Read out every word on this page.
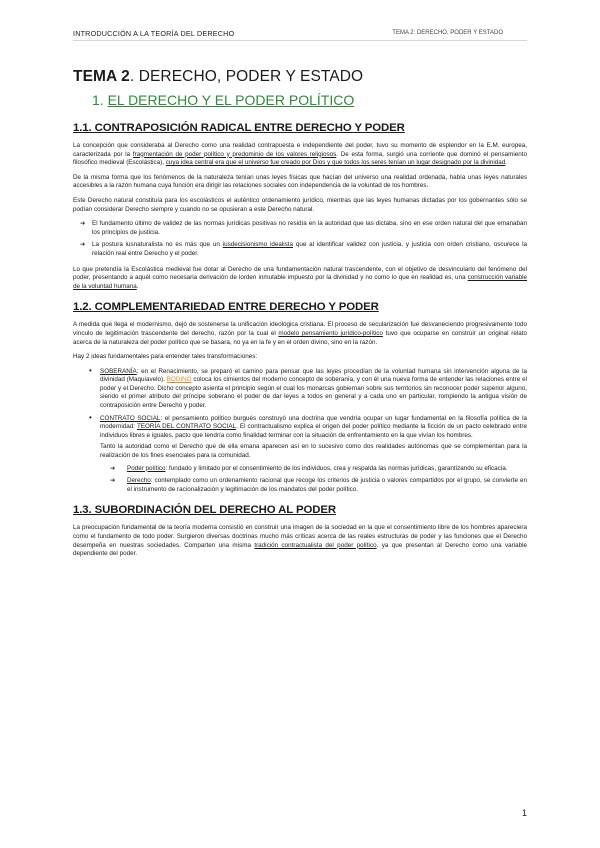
INTRODUCCIÓN A LA TEORÍA DEL DERECHO	TEMA 2: DERECHO, PODER Y ESTADO
TEMA 2. DERECHO, PODER Y ESTADO
1. EL DERECHO Y EL PODER POLÍTICO
1.1. CONTRAPOSICIÓN RADICAL ENTRE DERECHO Y PODER

La concepción que consideraba al Derecho como una realidad contrapuesta e independiente del poder, tuvo su momento de esplendor en la E.M. europea, caracterizada por la fragmentación de poder político y predominio de los valores religiosos. De esta forma, surgió una corriente que dominó el pensamiento filosófico medieval (Escolástica), cuya idea central era que el universo fue creado por Dios y que todos los seres tenían un lugar designado por la divinidad.

De la misma forma que los fenómenos de la naturaleza tenían unas leyes físicas que hacían del universo una realidad ordenada, había unas leyes naturales accesibles a la razón humana cuya función era dirigir las relaciones sociales con independencia de la voluntad de los hombres.

Este Derecho natural constituía para los escolásticos el auténtico ordenamiento jurídico, mientras que las leyes humanas dictadas por los gobernantes sólo se podían considerar Derecho siempre y cuando no se opusieran a este Derecho natural.

➔ El fundamento último de validez de las normas jurídicas positivas no residía en la autoridad que las dictaba, sino en ese orden natural del que emanaban los principios de justicia.
➔ La postura iusnaturalista no es más que un iusdecisionismo idealista que al identificar validez con justicia, y justicia con orden cristiano, oscurece la relación real entre Derecho y el poder.

Lo que pretendía la Escolástica medieval fue dotar al Derecho de una fundamentación natural trascendente, con el objetivo de desvincularlo del fenómeno del poder, presentando a aquél como necesaria derivación de lorden inmutable impuesto por la divinidad y no como lo que en realidad es, una construcción variable de la voluntad humana.

1.2. COMPLEMENTARIEDAD ENTRE DERECHO Y PODER

A medida que llega el modernismo, dejó de sostenerse la unificación ideológica cristiana. El proceso de secularización fue desvaneciendo progresivamente todo vínculo de legitimación trascendente del derecho, razón por la cual el modelo pensamiento jurídico-político tuvo que ocuparse en construir un original relato acerca de la naturaleza del poder político que se basara, no ya en la fe y en el orden divino, sino en la razón.

Hay 2 ideas fundamentales para entender tales transformaciones:

• SOBERANÍA: en el Renacimiento, se preparó el camino para pensar que las leyes procedían de la voluntad humana sin intervención alguna de la divinidad (Maquiavelo). BODINO coloca los cimientos del moderno concepto de soberanía, y con él una nueva forma de entender las relaciones entre el poder y el Derecho. Dicho concepto asienta el principio según el cual los monarcas gobiernan sobre sus territorios sin reconocer poder superior alguno, siendo el primer atributo del príncipe soberano el poder de dar leyes a todos en general y a cada uno en particular, rompiendo la antigua visión de contraposición entre Derecho y poder.
• CONTRATO SOCIAL: el pensamiento político burgués construyó una doctrina que vendría ocupar un lugar fundamental en la filosofía política de la modernidad: TEORÍA DEL CONTRATO SOCIAL. El contractualismo explica el origen del poder político mediante la ficción de un pacto celebrado entre individuos libres e iguales, pacto que tendría como finalidad terminar con la situación de enfrentamiento en la que vivían los hombres.

Tanto la autoridad como el Derecho que de ella emana aparecen así en lo sucesivo como dos realidades autónomas que se complementan para la realización de los fines esenciales para la comunidad.

➔ Poder político: fundado y limitado por el consentimiento de los individuos, crea y respalda las normas jurídicas, garantizando su eficacia.
➔ Derecho: contemplado como un ordenamiento racional que recoge los criterios de justicia o valores compartidos por el grupo, se convierte en el instrumento de racionalización y legitimación de los mandatos del poder político.
1.3. SUBORDINACIÓN DEL DERECHO AL PODER

La preocupación fundamental de la teoría moderna consistió en construir una imagen de la sociedad en la que el consentimiento libre de los hombres apareciera como el fundamento de todo poder. Surgieron diversas doctrinas mucho más críticas acerca de las reales estructuras de poder y las funciones que el Derecho desempeña en nuestras sociedades. Comparten una misma tradición contractualista del poder político, ya que presentan al Derecho como una variable dependiente del poder.

1
